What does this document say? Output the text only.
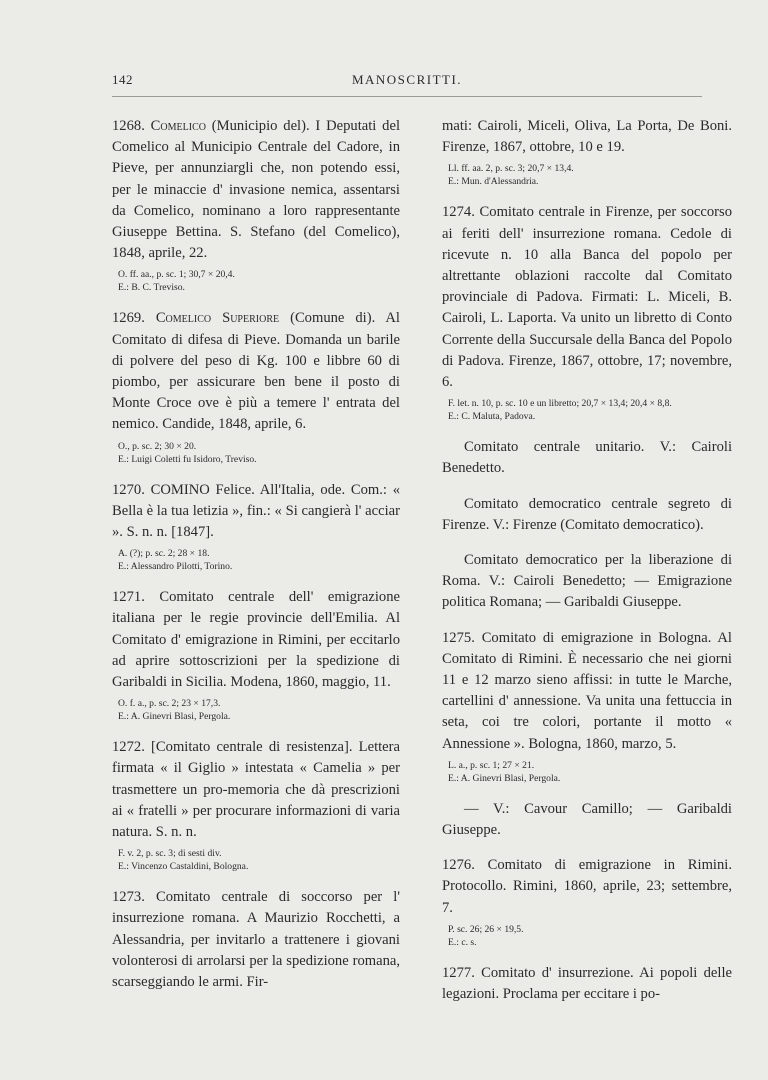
142	MANOSCRITTI.

1268. Comelico (Municipio del). I Deputati del Comelico al Municipio Centrale del Cadore, in Pieve, per annunziargli che, non potendo essi, per le minaccie d' invasione nemica, assentarsi da Comelico, nominano a loro rappresentante Giuseppe Bettina. S. Stefano (del Comelico), 1848, aprile, 22.

O. ff. aa., p. sc. 1; 30,7 × 20,4.
E.: B. C. Treviso.

1269. Comelico Superiore (Comune di). Al Comitato di difesa di Pieve. Domanda un barile di polvere del peso di Kg. 100 e libbre 60 di piombo, per assicurare ben bene il posto di Monte Croce ove è più a temere l' entrata del nemico. Candide, 1848, aprile, 6.

O., p. sc. 2; 30 × 20.
E.: Luigi Coletti fu Isidoro, Treviso.

1270. COMINO Felice. All'Italia, ode. Com.: « Bella è la tua letizia », fin.: « Si cangierà l' acciar ». S. n. n. [1847].

A. (?); p. sc. 2; 28 × 18.
E.: Alessandro Pilotti, Torino.

1271. Comitato centrale dell' emigrazione italiana per le regie provincie dell'Emilia. Al Comitato d' emigrazione in Rimini, per eccitarlo ad aprire sottoscrizioni per la spedizione di Garibaldi in Sicilia. Modena, 1860, maggio, 11.

O. f. a., p. sc. 2; 23 × 17,3.
E.: A. Ginevri Blasi, Pergola.

1272. [Comitato centrale di resistenza]. Lettera firmata « il Giglio » intestata « Camelia » per trasmettere un pro-memoria che dà prescrizioni ai « fratelli » per procurare informazioni di varia natura. S. n. n.

F. v. 2, p. sc. 3; di sesti div.
E.: Vincenzo Castaldini, Bologna.

1273. Comitato centrale di soccorso per l' insurrezione romana. A Maurizio Rocchetti, a Alessandria, per invitarlo a trattenere i giovani volonterosi di arrolarsi per la spedizione romana, scarseggiando le armi. Fir-

mati: Cairoli, Miceli, Oliva, La Porta, De Boni. Firenze, 1867, ottobre, 10 e 19.

Ll. ff. aa. 2, p. sc. 3; 20,7 × 13,4.
E.: Mun. d'Alessandria.

1274. Comitato centrale in Firenze, per soccorso ai feriti dell' insurrezione romana. Cedole di ricevute n. 10 alla Banca del popolo per altrettante oblazioni raccolte dal Comitato provinciale di Padova. Firmati: L. Miceli, B. Cairoli, L. Laporta. Va unito un libretto di Conto Corrente della Succursale della Banca del Popolo di Padova. Firenze, 1867, ottobre, 17; novembre, 6.

F. let. n. 10, p. sc. 10 e un libretto; 20,7 × 13,4; 20,4 × 8,8.
E.: C. Maluta, Padova.

Comitato centrale unitario. V.: Cairoli Benedetto.

Comitato democratico centrale segreto di Firenze. V.: Firenze (Comitato democratico).

Comitato democratico per la liberazione di Roma. V.: Cairoli Benedetto; — Emigrazione politica Romana; — Garibaldi Giuseppe.

1275. Comitato di emigrazione in Bologna. Al Comitato di Rimini. È necessario che nei giorni 11 e 12 marzo sieno affissi: in tutte le Marche, cartellini d' annessione. Va unita una fettuccia in seta, coi tre colori, portante il motto « Annessione ». Bologna, 1860, marzo, 5.

L. a., p. sc. 1; 27 × 21.
E.: A. Ginevri Blasi, Pergola.

— V.: Cavour Camillo; — Garibaldi Giuseppe.

1276. Comitato di emigrazione in Rimini. Protocollo. Rimini, 1860, aprile, 23; settembre, 7.

P. sc. 26; 26 × 19,5.
E.: c. s.

1277. Comitato d' insurrezione. Ai popoli delle legazioni. Proclama per eccitare i po-
